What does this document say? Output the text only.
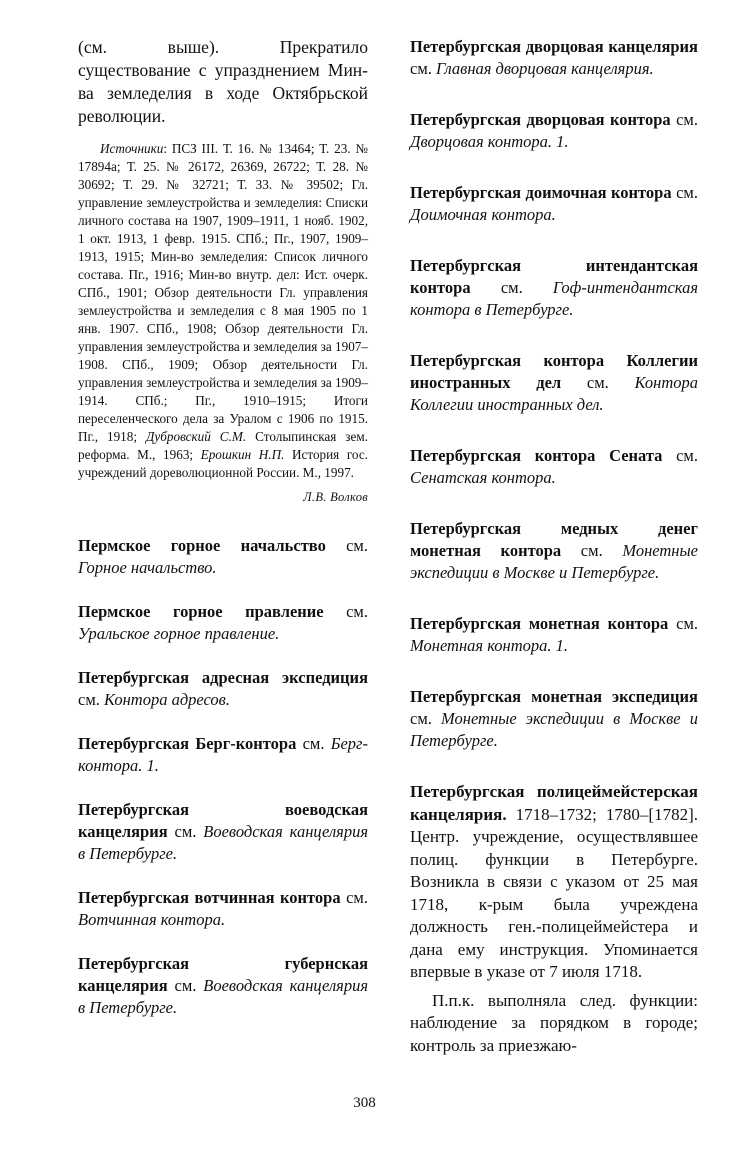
(см. выше). Прекратило существование с упразднением Мин-ва земледелия в ходе Октябрьской революции.

Источники: ПСЗ III. Т. 16. № 13464; Т. 23. № 17894а; Т. 25. № 26172, 26369, 26722; Т. 28. № 30692; Т. 29. № 32721; Т. 33. № 39502; Гл. управление землеустройства и земледелия: Списки личного состава на 1907, 1909–1911, 1 нояб. 1902, 1 окт. 1913, 1 февр. 1915. СПб.; Пг., 1907, 1909–1913, 1915; Мин-во земледелия: Список личного состава. Пг., 1916; Мин-во внутр. дел: Ист. очерк. СПб., 1901; Обзор деятельности Гл. управления землеустройства и земледелия с 8 мая 1905 по 1 янв. 1907. СПб., 1908; Обзор деятельности Гл. управления землеустройства и земледелия за 1907–1908. СПб., 1909; Обзор деятельности Гл. управления землеустройства и земледелия за 1909–1914. СПб.; Пг., 1910–1915; Итоги переселенческого дела за Уралом с 1906 по 1915. Пг., 1918; Дубровский С.М. Столыпинская зем. реформа. М., 1963; Ерошкин Н.П. История гос. учреждений дореволюционной России. М., 1997.
Л.В. Волков

Пермское горное начальство см. Горное начальство.

Пермское горное правление см. Уральское горное правление.

Петербургская адресная экспедиция см. Контора адресов.

Петербургская Берг-контора см. Берг-контора. 1.

Петербургская воеводская канцелярия см. Воеводская канцелярия в Петербурге.

Петербургская вотчинная контора см. Вотчинная контора.

Петербургская губернская канцелярия см. Воеводская канцелярия в Петербурге.

Петербургская дворцовая канцелярия см. Главная дворцовая канцелярия.

Петербургская дворцовая контора см. Дворцовая контора. 1.

Петербургская доимочная контора см. Доимочная контора.

Петербургская интендантская контора см. Гоф-интендантская контора в Петербурге.

Петербургская контора Коллегии иностранных дел см. Контора Коллегии иностранных дел.

Петербургская контора Сената см. Сенатская контора.

Петербургская медных денег монетная контора см. Монетные экспедиции в Москве и Петербурге.

Петербургская монетная контора см. Монетная контора. 1.

Петербургская монетная экспедиция см. Монетные экспедиции в Москве и Петербурге.

Петербургская полицеймейстерская канцелярия. 1718–1732; 1780–[1782]. Центр. учреждение, осуществлявшее полиц. функции в Петербурге. Возникла в связи с указом от 25 мая 1718, к-рым была учреждена должность ген.-полицеймейстера и дана ему инструкция. Упоминается впервые в указе от 7 июля 1718.

П.п.к. выполняла след. функции: наблюдение за порядком в городе; контроль за приезжаю-

308
